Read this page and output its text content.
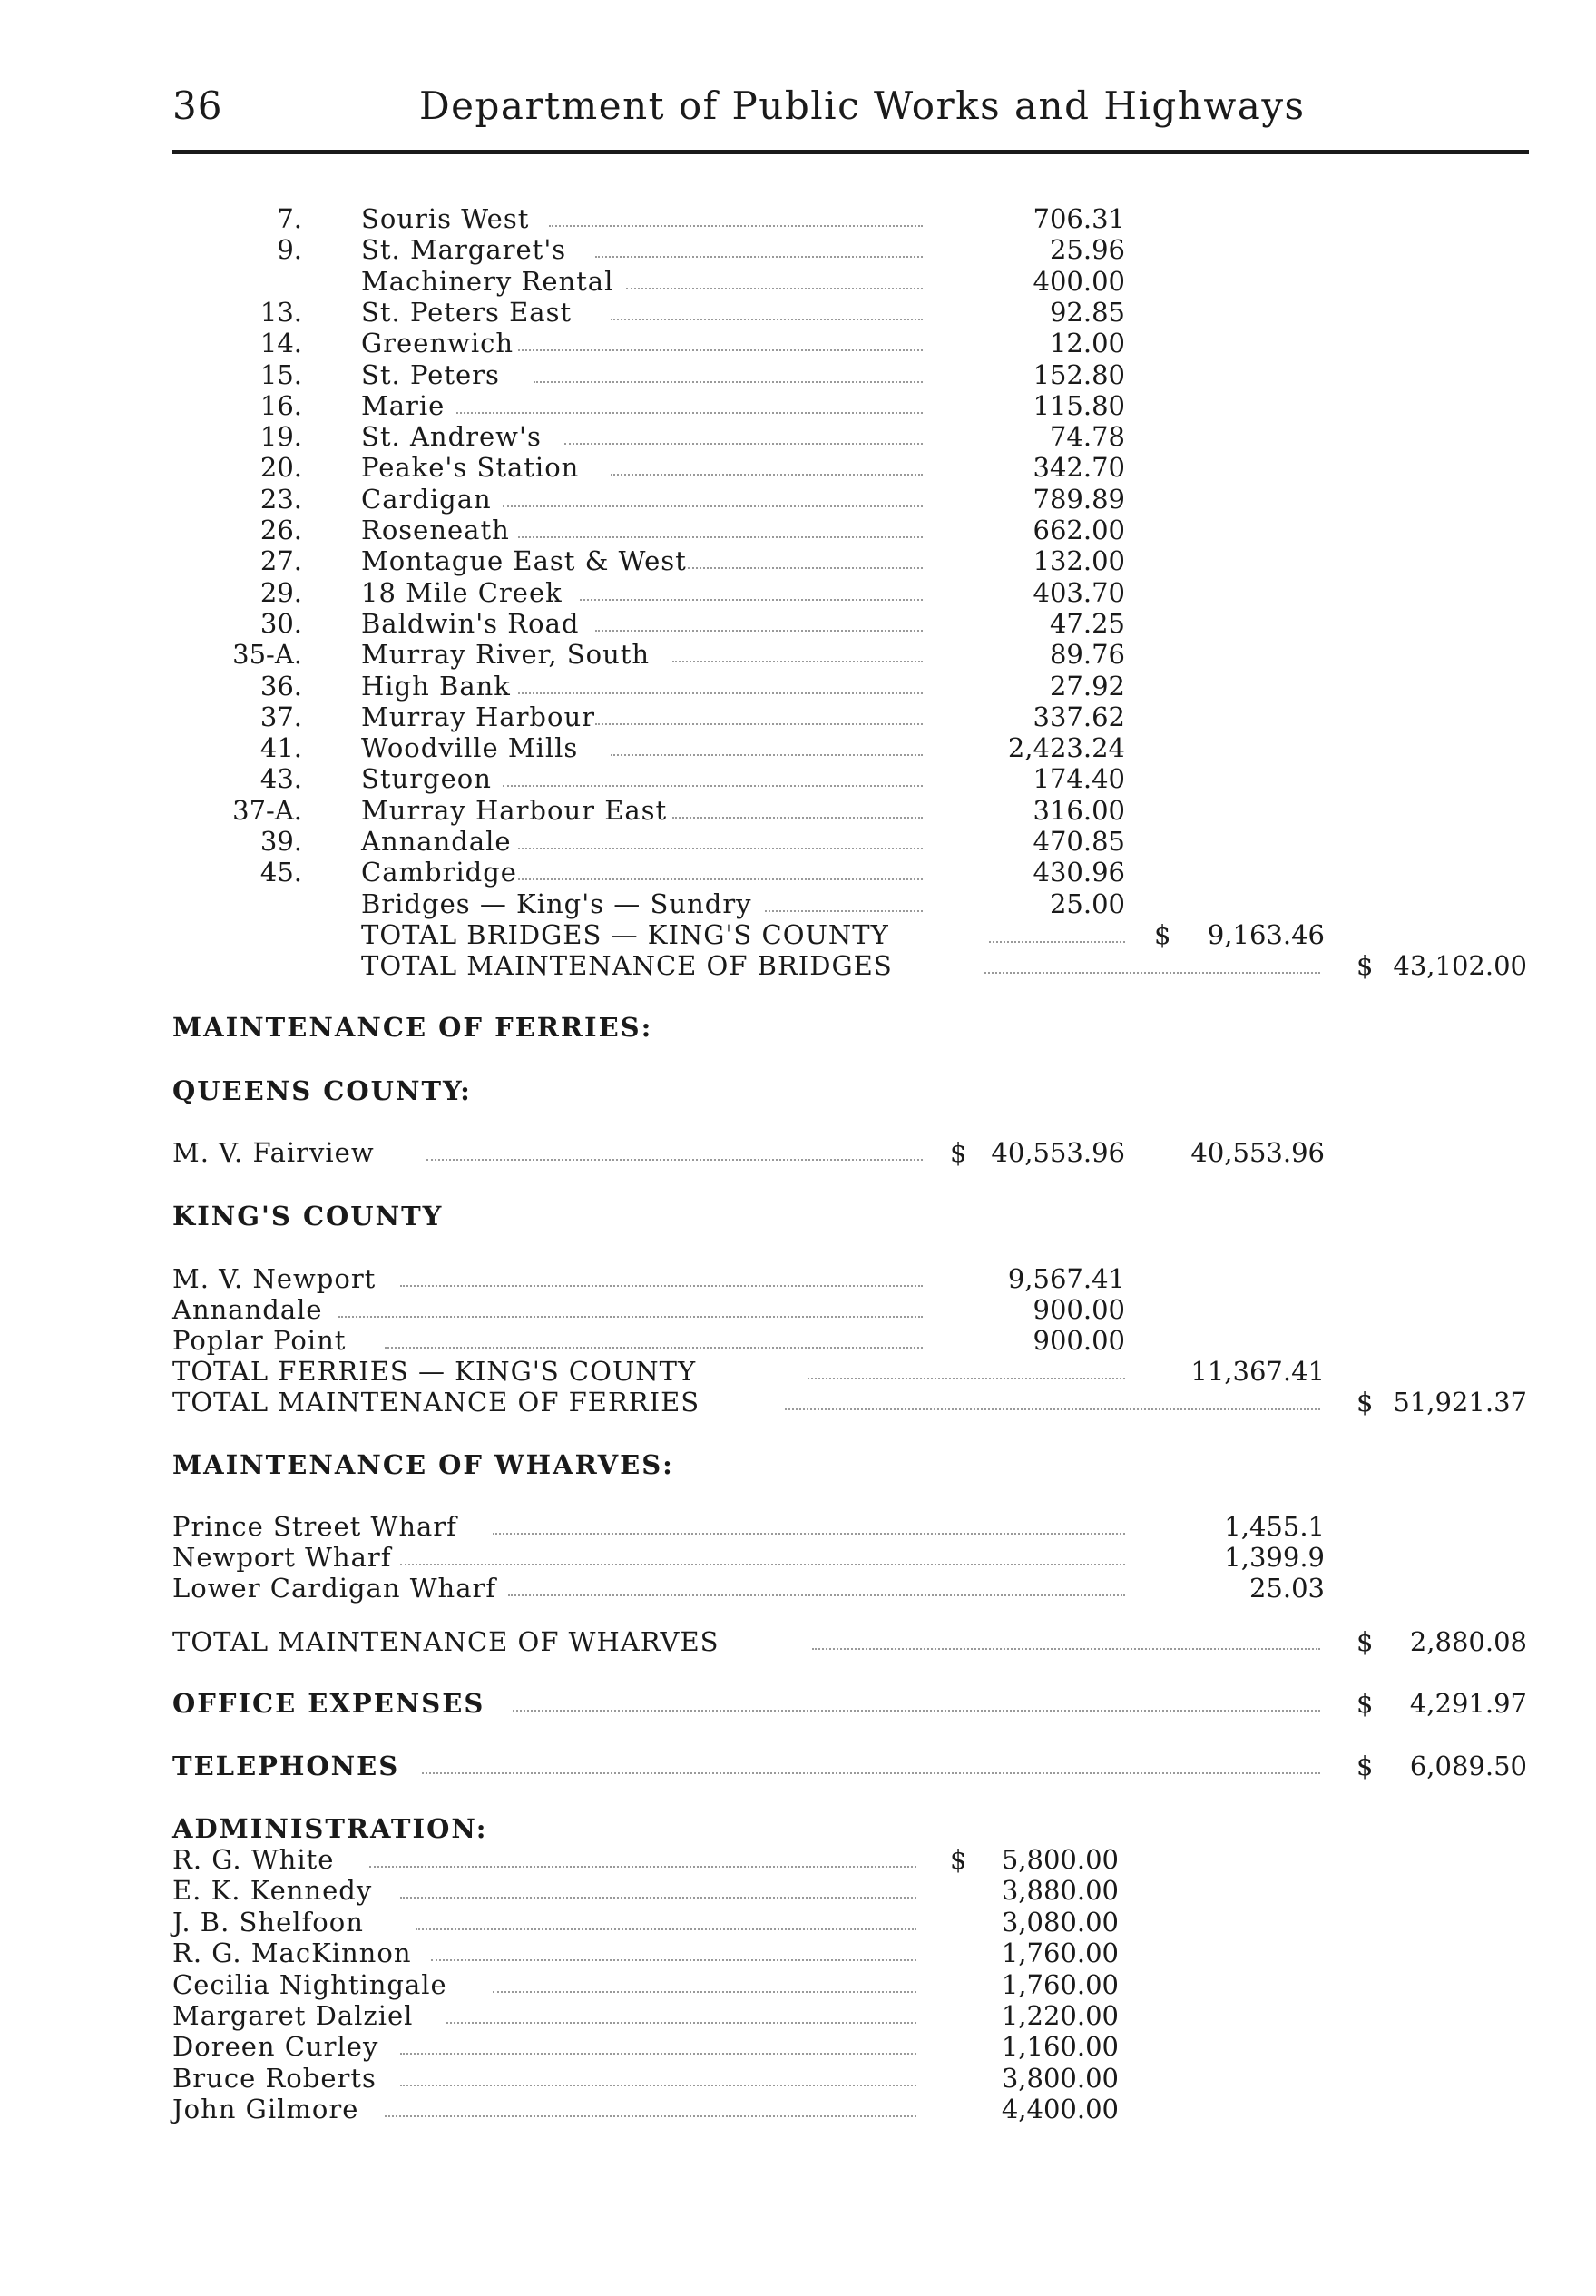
36	Department of Public Works and Highways
7. Souris West	706.31
9. St. Margaret's	25.96
Machinery Rental	400.00
13. St. Peters East	92.85
14. Greenwich	12.00
15. St. Peters	152.80
16. Marie	115.80
19. St. Andrew's	74.78
20. Peake's Station	342.70
23. Cardigan	789.89
26. Roseneath	662.00
27. Montague East & West	132.00
29. 18 Mile Creek	403.70
30. Baldwin's Road	47.25
35-A. Murray River, South	89.76
36. High Bank	27.92
37. Murray Harbour	337.62
41. Woodville Mills	2,423.24
43. Sturgeon	174.40
37-A. Murray Harbour East	316.00
39. Annandale	470.85
45. Cambridge	430.96
Bridges — King's — Sundry	25.00
TOTAL BRIDGES — KING'S COUNTY	$ 9,163.46
TOTAL MAINTENANCE OF BRIDGES	$ 43,102.00
MAINTENANCE OF FERRIES:
QUEENS COUNTY:
M. V. Fairview	$ 40,553.96 40,553.96
KING'S COUNTY
M. V. Newport	9,567.41
Annandale	900.00
Poplar Point	900.00
TOTAL FERRIES — KING'S COUNTY	11,367.41
TOTAL MAINTENANCE OF FERRIES	$ 51,921.37
MAINTENANCE OF WHARVES:
Prince Street Wharf	1,455.1
Newport Wharf	1,399.9
Lower Cardigan Wharf	25.03
TOTAL MAINTENANCE OF WHARVES	$ 2,880.08
OFFICE EXPENSES	$ 4,291.97
TELEPHONES	$ 6,089.50
ADMINISTRATION:
R. G. White	$ 5,800.00
E. K. Kennedy	3,880.00
J. B. Shelfoon	3,080.00
R. G. MacKinnon	1,760.00
Cecilia Nightingale	1,760.00
Margaret Dalziel	1,220.00
Doreen Curley	1,160.00
Bruce Roberts	3,800.00
John Gilmore	4,400.00
